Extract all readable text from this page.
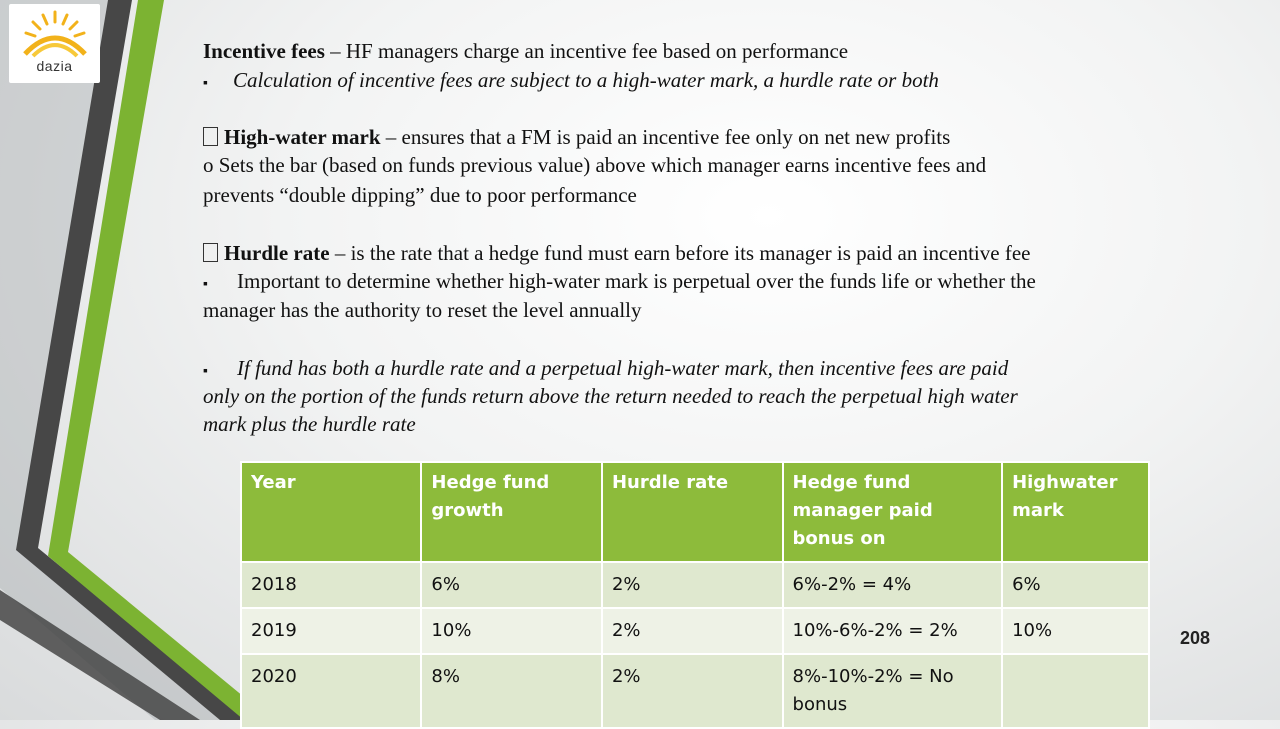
dazia
Incentive fees – HF managers charge an incentive fee based on performance
▪ Calculation of incentive fees are subject to a high-water mark, a hurdle rate or both
High-water mark – ensures that a FM is paid an incentive fee only on net new profits
o Sets the bar (based on funds previous value) above which manager earns incentive fees and
prevents “double dipping” due to poor performance
Hurdle rate – is the rate that a hedge fund must earn before its manager is paid an incentive fee
▪ Important to determine whether high-water mark is perpetual over the funds life or whether the
manager has the authority to reset the level annually
▪ If fund has both a hurdle rate and a perpetual high-water mark, then incentive fees are paid
only on the portion of the funds return above the return needed to reach the perpetual high water
mark plus the hurdle rate
Year	Hedge fund growth	Hurdle rate	Hedge fund manager paid bonus on	Highwater mark
2018	6%	2%	6%-2% = 4%	6%
2019	10%	2%	10%-6%-2% = 2%	10%
2020	8%	2%	8%-10%-2% = No bonus	
208
